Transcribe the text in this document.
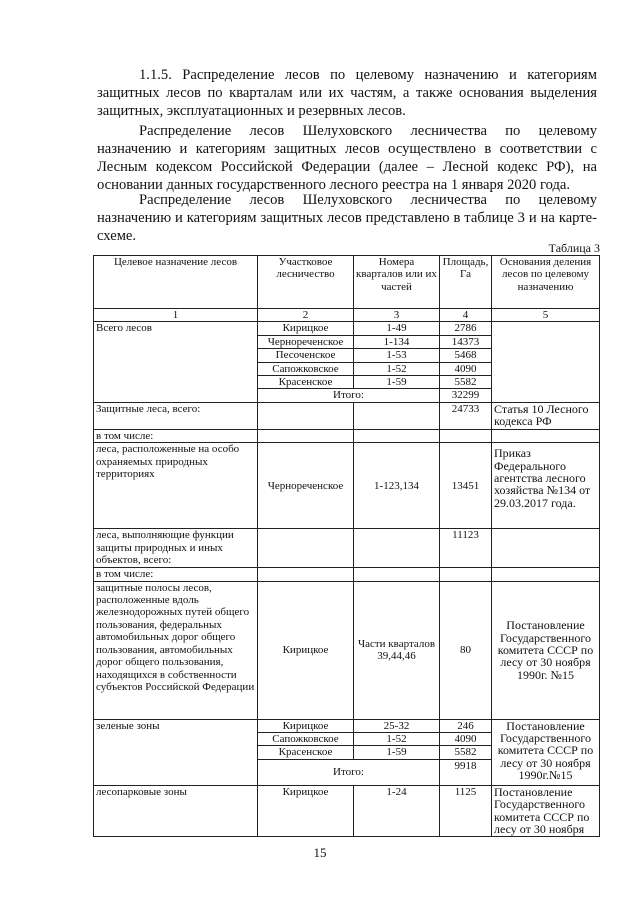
1.1.5. Распределение лесов по целевому назначению и категориям защитных лесов по кварталам или их частям, а также основания выделения защитных, эксплуатационных и резервных лесов.

Распределение лесов Шелуховского лесничества по целевому назначению и категориям защитных лесов осуществлено в соответствии с Лесным кодексом Российской Федерации (далее – Лесной кодекс РФ), на основании данных государственного лесного реестра на 1 января 2020 года.

Распределение лесов Шелуховского лесничества по целевому назначению и категориям защитных лесов представлено в таблице 3 и на карте-схеме.

Таблица 3

Целевое назначение лесов	Участковое лесничество	Номера кварталов или их частей	Площадь, Га	Основания деления лесов по целевому назначению
1	2	3	4	5
Всего лесов	Кирицкое	1-49	2786	
	Чернореченское	1-134	14373	
	Песоченское	1-53	5468	
	Сапожковское	1-52	4090	
	Красенское	1-59	5582	
	Итого:		32299	
Защитные леса, всего:			24733	Статья 10 Лесного кодекса РФ
в том числе:				
леса, расположенные на особо охраняемых природных территориях	Чернореченское	1-123,134	13451	Приказ Федерального агентства лесного хозяйства №134 от 29.03.2017 года.
леса, выполняющие функции защиты природных и иных объектов, всего:			11123	
в том числе:				
защитные полосы лесов, расположенные вдоль железнодорожных путей общего пользования, федеральных автомобильных дорог общего пользования, автомобильных дорог общего пользования, находящихся в собственности субъектов Российской Федерации	Кирицкое	Части кварталов 39,44,46	80	Постановление Государственного комитета СССР по лесу от 30 ноября 1990г. №15
зеленые зоны	Кирицкое	25-32	246	Постановление Государственного комитета СССР по лесу от 30 ноября 1990г.№15
	Сапожковское	1-52	4090	
	Красенское	1-59	5582	
	Итого:		9918	
лесопарковые зоны	Кирицкое	1-24	1125	Постановление Государственного комитета СССР по лесу от 30 ноября

15
